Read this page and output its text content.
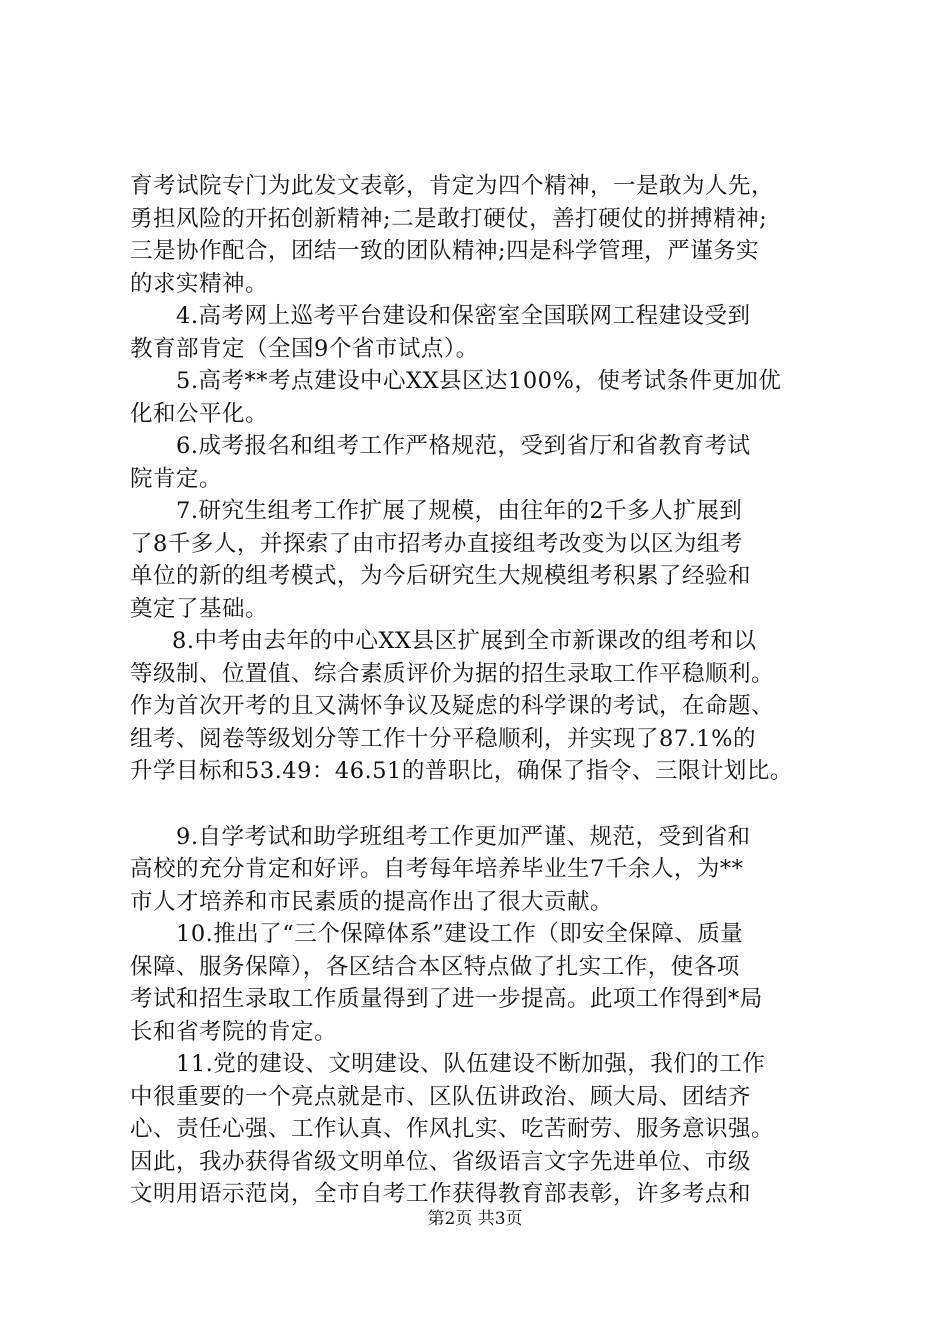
育考试院专门为此发文表彰，肯定为四个精神，一是敢为人先，
勇担风险的开拓创新精神;二是敢打硬仗，善打硬仗的拼搏精神;
三是协作配合，团结一致的团队精神;四是科学管理，严谨务实
的求实精神。
4.高考网上巡考平台建设和保密室全国联网工程建设受到
教育部肯定（全国9个省市试点）。
5.高考**考点建设中心XX县区达100%，使考试条件更加优
化和公平化。
6.成考报名和组考工作严格规范，受到省厅和省教育考试
院肯定。
7.研究生组考工作扩展了规模，由往年的2千多人扩展到
了8千多人，并探索了由市招考办直接组考改变为以区为组考
单位的新的组考模式，为今后研究生大规模组考积累了经验和
奠定了基础。
8.中考由去年的中心XX县区扩展到全市新课改的组考和以
等级制、位置值、综合素质评价为据的招生录取工作平稳顺利。
作为首次开考的且又满怀争议及疑虑的科学课的考试，在命题、
组考、阅卷等级划分等工作十分平稳顺利，并实现了87.1%的
升学目标和53.49：46.51的普职比，确保了指令、三限计划比。
9.自学考试和助学班组考工作更加严谨、规范，受到省和
高校的充分肯定和好评。自考每年培养毕业生7千余人，为**
市人才培养和市民素质的提高作出了很大贡献。
10.推出了“三个保障体系”建设工作（即安全保障、质量
保障、服务保障），各区结合本区特点做了扎实工作，使各项
考试和招生录取工作质量得到了进一步提高。此项工作得到*局
长和省考院的肯定。
11.党的建设、文明建设、队伍建设不断加强，我们的工作
中很重要的一个亮点就是市、区队伍讲政治、顾大局、团结齐
心、责任心强、工作认真、作风扎实、吃苦耐劳、服务意识强。
因此，我办获得省级文明单位、省级语言文字先进单位、市级
文明用语示范岗，全市自考工作获得教育部表彰，许多考点和
第2页 共3页
